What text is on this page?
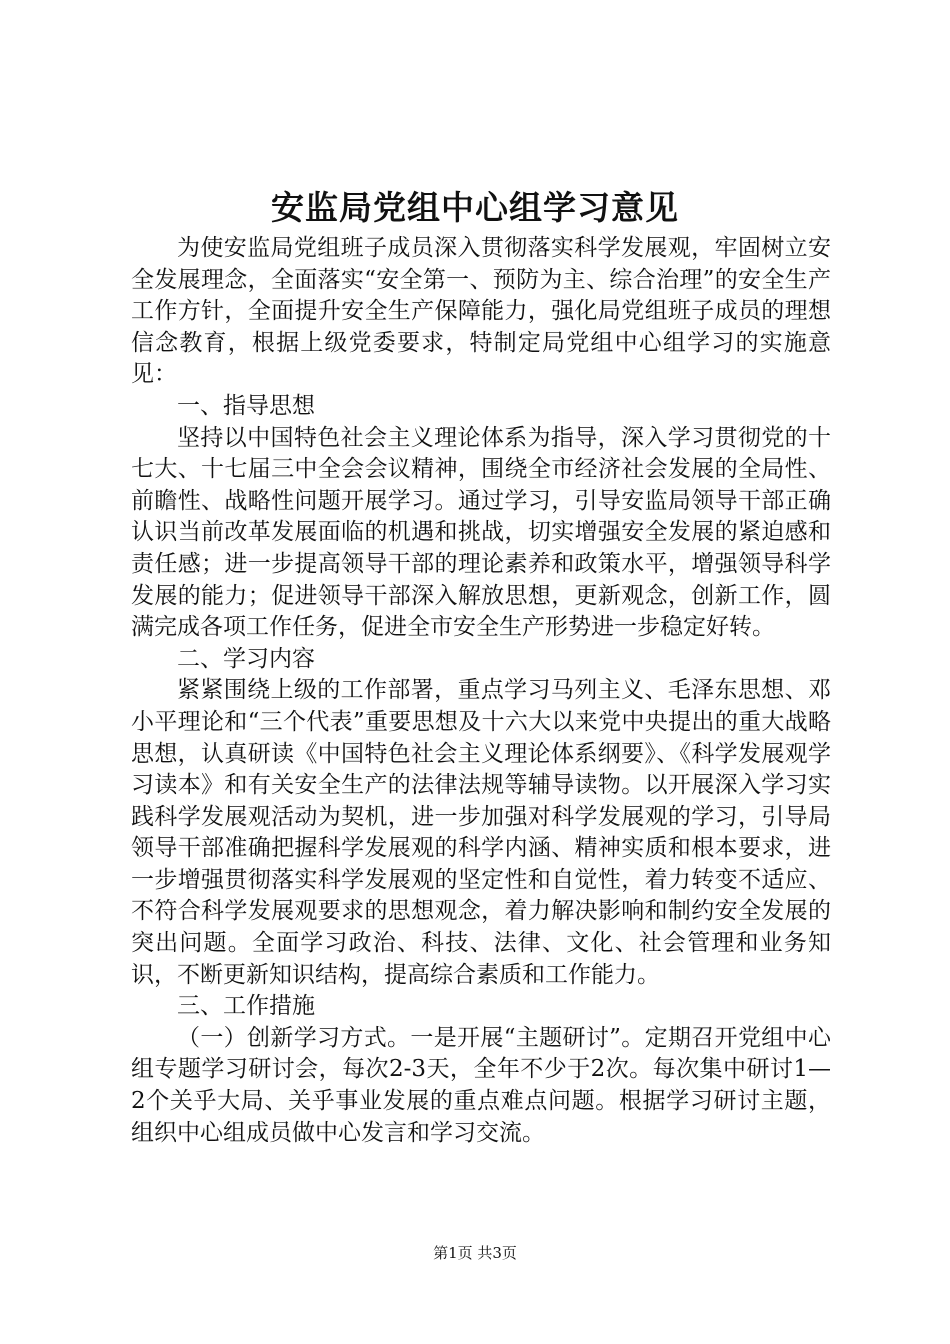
安监局党组中心组学习意见

为使安监局党组班子成员深入贯彻落实科学发展观，牢固树立安全发展理念，全面落实“安全第一、预防为主、综合治理”的安全生产工作方针，全面提升安全生产保障能力，强化局党组班子成员的理想信念教育，根据上级党委要求，特制定局党组中心组学习的实施意见：

一、指导思想

坚持以中国特色社会主义理论体系为指导，深入学习贯彻党的十七大、十七届三中全会会议精神，围绕全市经济社会发展的全局性、前瞻性、战略性问题开展学习。通过学习，引导安监局领导干部正确认识当前改革发展面临的机遇和挑战，切实增强安全发展的紧迫感和责任感；进一步提高领导干部的理论素养和政策水平，增强领导科学发展的能力；促进领导干部深入解放思想，更新观念，创新工作，圆满完成各项工作任务，促进全市安全生产形势进一步稳定好转。

二、学习内容

紧紧围绕上级的工作部署，重点学习马列主义、毛泽东思想、邓小平理论和“三个代表”重要思想及十六大以来党中央提出的重大战略思想，认真研读《中国特色社会主义理论体系纲要》、《科学发展观学习读本》和有关安全生产的法律法规等辅导读物。以开展深入学习实践科学发展观活动为契机，进一步加强对科学发展观的学习，引导局领导干部准确把握科学发展观的科学内涵、精神实质和根本要求，进一步增强贯彻落实科学发展观的坚定性和自觉性，着力转变不适应、不符合科学发展观要求的思想观念，着力解决影响和制约安全发展的突出问题。全面学习政治、科技、法律、文化、社会管理和业务知识，不断更新知识结构，提高综合素质和工作能力。

三、工作措施

（一）创新学习方式。一是开展“主题研讨”。定期召开党组中心组专题学习研讨会，每次2-3天，全年不少于2次。每次集中研讨1—2个关乎大局、关乎事业发展的重点难点问题。根据学习研讨主题，组织中心组成员做中心发言和学习交流。

第1页 共3页
